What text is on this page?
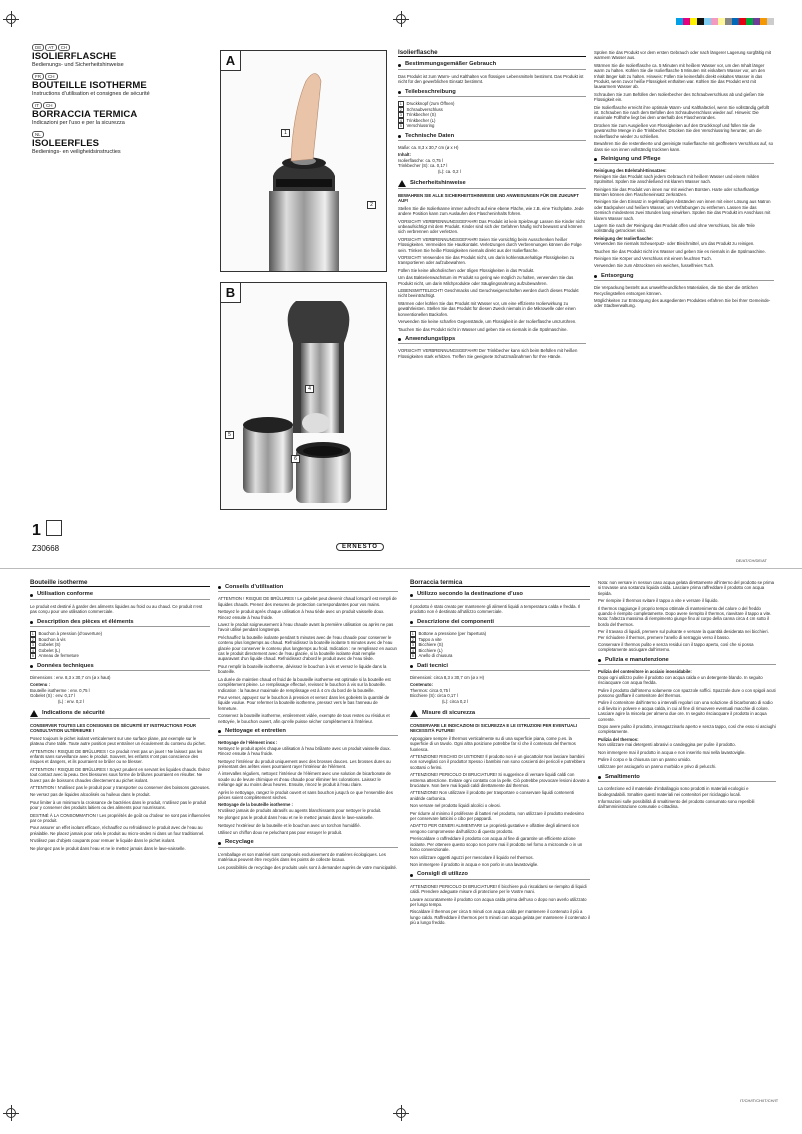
DE AT CH
ISOLIERFLASCHE
Bedienungs- und Sicherheitshinweise
FR CH
BOUTEILLE ISOTHERME
Instructions d’utilisation et consignes de sécurité
IT CH
BORRACCIA TERMICA
Indicazioni per l'uso e per la sicurezza
NL
ISOLEERFLES
Bedienings- en veiligheidsinstructies
A
1
2
B
4
5
6
1
Z30668	ERNESTO
Isolierflasche
Bestimmungsgemäßer Gebrauch

Das Produkt ist zum Warm- und Kalthalten von flüssigen Lebensmitteln bestimmt. Das Produkt ist nicht für den gewerblichen Einsatz bestimmt.

Teilebeschreibung
1	Druckknopf (zum Öffnen)
2	Schraubverschluss
3	Trinkbecher (S)
4	Trinkbecher (L)
5	Verschlussring
Technische Daten

Maße: ca. 8,3 x 30,7 cm (ø x H)

Inhalt:
Isolierflasche: ca. 0,75 l
Trinkbecher (S): ca. 0,17 l
(L): ca. 0,2 l
Sicherheitshinweise

BEWAHREN SIE ALLE SICHERHEITSHINWEISE UND ANWEISUNGEN FÜR DIE ZUKUNFT AUF!

Stellen Sie die Isolierkanne immer aufrecht auf eine ebene Fläche, wie z.B. eine Tischplatte. Jede andere Position kann zum Auslaufen des Flascheninhalts führen.

VORSICHT! VERBRENNUNGSGEFAHR! Das Produkt ist kein Spielzeug! Lassen Sie Kinder nicht unbeaufsichtigt mit dem Produkt. Kinder sind sich der Gefahren häufig nicht bewusst und können sich verbrennen oder verletzen.

VORSICHT! VERBRENNUNGSGEFAHR! Seien Sie vorsichtig beim Ausschenken heißer Flüssigkeiten. Vermeiden Sie Hautkontakt. Verletzungen durch Verbrennungen können die Folge sein. Trinken Sie heiße Flüssigkeiten niemals direkt aus der Isolierflasche.

VORSICHT! Verwenden Sie das Produkt nicht, um darin kohlensäurehaltige Flüssigkeiten zu transportieren oder aufzubewahren.

Füllen Sie keine alkoholischen oder öligen Flüssigkeiten in das Produkt.

Um das Bakterienwachstum im Produkt so gering wie möglich zu halten, verwenden Sie das Produkt nicht, um darin Milchprodukte oder Säuglingsnahrung aufzubewahren.

LEBENSMITTELECHT! Geschmacks und Geruchseigenschaften werden durch dieses Produkt nicht beeinträchtigt.

Wärmen oder kühlen Sie das Produkt mit Wasser vor, um eine effiziente Isolierwirkung zu gewährleisten. Stellen Sie das Produkt für diesen Zweck niemals in die Mikrowelle oder einen konventionellen Backofen.

Verwenden Sie keine scharfen Gegenstände, um Flüssigkeit in der Isolierflasche umzurühren.

Tauchen Sie das Produkt nicht in Wasser und geben Sie es niemals in die Spülmaschine.

Anwendungstipps

VORSICHT! VERBRENNUNGSGEFAHR! Der Trinkbecher kann sich beim Befüllen mit heißen Flüssigkeiten stark erhitzen. Treffen Sie geeignete Schutzmaßnahmen für Ihre Hände.

Spülen Sie das Produkt vor dem ersten Gebrauch oder nach längerer Lagerung sorgfältig mit warmem Wasser aus.

Wärmen Sie die Isolierflasche ca. 5 Minuten mit heißem Wasser vor, um den Inhalt länger warm zu halten. Kühlen Sie die Isolierflasche 5 Minuten mit eiskaltem Wasser vor, um den Inhalt länger kalt zu halten. Hinweis: Füllen Sie keinesfalls direkt eiskaltes Wasser in das Produkt, wenn zuvor heiße Flüssigkeit enthalten war. Kühlen Sie das Produkt erst mit lauwarmem Wasser ab.

Schrauben Sie zum Befüllen den Isolierbecher des Schraubverschluss ab und gießen Sie Flüssigkeit ein.

Die Isolierflasche erreicht ihre optimale Warm- und Kalthalteziel, wenn Sie vollständig gefüllt ist. Schrauben Sie nach dem Befüllen den Schraubverschluss wieder auf. Hinweis: Die maximale Füllhöhe liegt bei dem unterhalb des Flaschenrandes.

Drücken Sie zum Ausgießen von Flüssigkeiten auf den Druckknopf und füllen Sie die gewünschte Menge in die Trinkbecher. Drücken Sie den Verschlussring herunter, um die Isolierflasche wieder zu schließen.

Bewahren Sie die restentleerte und gereinigte Isolierflasche mit geöffnetem Verschluss auf, so dass sie von innen vollständig trocknen kann.

Reinigung und Pflege
Reinigung des Edelstahl-Einsatzes:

Reinigen Sie das Produkt nach jedem Gebrauch mit heißem Wasser und einem milden Spülmittel. Spülen Sie anschließend mit klarem Wasser nach.

Reinigen Sie das Produkt von innen nur mit weichen Bürsten. Harte oder scharfkantige Bürsten können den Flascheneinsatz zerkratzen.

Reinigen Sie den Einsatz in regelmäßigen Abständen von innen mit einer Lösung aus Natron oder Backpulver und heißem Wasser, um Verfärbungen zu entfernen. Lassen Sie das Gemisch mindestens zwei Stunden lang einwirken. Spülen Sie das Produkt im Anschluss mit klarem Wasser nach.

Lagern Sie nach der Reinigung das Produkt offen und ohne Verschluss, bis alle Teile vollständig getrocknet sind.

Reinigung der Isolierflasche:

Verwenden Sie niemals Scheuerputz- oder Bleichmittel, um das Produkt zu reinigen.

Tauchen Sie das Produkt nicht ins Wasser und geben Sie es niemals in die Spülmaschine.

Reinigen Sie Körper und Verschluss mit einem feuchten Tuch.

Verwenden Sie zum Abtrocknen ein weiches, fusselfreies Tuch.

Entsorgung

Die Verpackung besteht aus umweltfreundlichen Materialien, die Sie über die örtlichen Recyclingstellen entsorgen können.

Möglichkeiten zur Entsorgung des ausgedienten Produktes erfahren Sie bei Ihrer Gemeinde- oder Stadtverwaltung.

DE/AT/CH/DE/AT
Bouteille isotherme
Utilisation conforme

Le produit est destiné à garder des aliments liquides au froid ou au chaud. Ce produit n’est pas conçu pour une utilisation commerciale.

Description des pièces et éléments
1	Bouchon à pression (d’ouverture)
2	Bouchon à vis
3	Gobelet (S)
4	Gobelet (L)
5	Anneau de fermeture
Données techniques

Dimensions : env. 8,3 x 30,7 cm (ø x haut)

Contenu :
Bouteille isotherme : env. 0,75 l
Gobelet (S) : env. 0,17 l
(L) : env. 0,2 l
Indications de sécurité

CONSERVER TOUTES LES CONSIGNES DE SÉCURITÉ ET INSTRUCTIONS POUR CONSULTATION ULTÉRIEURE !

Posez toujours le pichet isolant verticalement sur une surface plane, par exemple sur le plateau d’une table. Toute autre position peut entraîner un écoulement du contenu du pichet.

ATTENTION ! RISQUE DE BRÛLURES ! Ce produit n’est pas un jouet ! Ne laissez pas les enfants sans surveillance avec le produit. Souvent, les enfants n’ont pas conscience des risques et dangers, et ils pourraient se brûler ou se blesser.

ATTENTION ! RISQUE DE BRÛLURES ! Soyez prudent en servant les liquides chauds. Évitez tout contact avec la peau. Des blessures sous forme de brûlures pourraient en résulter. Ne buvez pas de boissons chaudes directement au pichet isolant.

ATTENTION ! N’utilisez pas le produit pour y transporter ou conserver des boissons gazeuses.

Ne versez pas de liquides alcoolisés ou huileux dans le produit.

Pour limiter à un minimum la croissance de bactéries dans le produit, n’utilisez pas le produit pour y conserver des produits laitiers ou des aliments pour nourrissons.

DESTINÉ À LA CONSOMMATION ! Les propriétés de goût ou d’odeur ne sont pas influencées par ce produit.

Pour assurer un effet isolant efficace, réchauffez ou refroidissez le produit avec de l’eau au préalable. Ne placez jamais pour cela le produit au micro-ondes ni dans un four traditionnel.

N’utilisez pas d’objets coupants pour remuer le liquide dans le pichet isolant.

Ne plongez pas le produit dans l’eau et ne le mettez jamais dans le lave-vaisselle.

Conseils d’utilisation

ATTENTION ! RISQUE DE BRÛLURES ! Le gobelet peut devenir chaud lorsqu’il est rempli de liquides chauds. Prenez des mesures de protection correspondantes pour vos mains.

Nettoyez le produit après chaque utilisation à l’eau tiède avec un produit vaisselle doux. Rincez ensuite à l’eau froide.

Lavez le produit soigneusement à l’eau chaude avant la première utilisation ou après ne pas l’avoir utilisé pendant longtemps.

Préchauffez la bouteille isolante pendant 5 minutes avec de l’eau chaude pour conserver le contenu plus longtemps au chaud. Refroidissez la bouteille isolante 5 minutes avec de l’eau glacée pour conserver le contenu plus longtemps au froid. Indication : ne remplissez en aucun cas le produit directement avec de l’eau glacée, si la bouteille isolante était remplie auparavant d’un liquide chaud. Refroidissez d’abord le produit avec de l’eau tiède.

Pour remplir la bouteille isotherme, dévissez le bouchon à vis et versez le liquide dans la bouteille.

La durée de maintien chaud et froid de la bouteille isotherme est optimale si la bouteille est complètement pleine. Le remplissage effectué, revissez le bouchon à vis sur la bouteille. Indication : la hauteur maximale de remplissage est à 4 cm du bord de la bouteille.

Pour verser, appuyez sur le bouchon à pression et versez dans les gobelets la quantité de liquide voulue. Pour refermer la bouteille isotherme, pressez vers le bas l’anneau de fermeture.

Conservez la bouteille isotherme, entièrement vidée, exempte de tous restes ou résidus et nettoyée, le bouchon ouvert, afin qu’elle puisse sécher complètement à l’intérieur.

Nettoyage et entretien
Nettoyage de l’élément inox :

Nettoyez le produit après chaque utilisation à l’eau brûlante avec un produit vaisselle doux. Rincez ensuite à l’eau froide.

Nettoyez l’intérieur du produit uniquement avec des brosses douces. Les brosses dures ou présentant des arêtes vives pourraient rayer l’intérieur de l’élément.

À intervalles réguliers, nettoyez l’intérieur de l’élément avec une solution de bicarbonate de soude ou de levure chimique et d’eau chaude pour éliminer les colorations. Laissez le mélange agir au moins deux heures. Ensuite, rincez le produit à l’eau claire.

Après le nettoyage, rangez le produit ouvert et sans bouchon jusqu’à ce que l’ensemble des pièces soient complètement sèches.

Nettoyage de la bouteille isotherme :

N’utilisez jamais de produits abrasifs ou agents blanchissants pour nettoyer le produit.

Ne plongez pas le produit dans l’eau et ne le mettez jamais dans le lave-vaisselle.

Nettoyez l’extérieur de la bouteille et le bouchon avec un torchon humidifié.

Utilisez un chiffon doux ne peluchant pas pour essuyer le produit.

Recyclage

L’emballage et son matériel sont composés exclusivement de matières écologiques. Les matériaux peuvent être recyclés dans les points de collecte locaux.

Les possibilités de recyclage des produits usés sont à demander auprès de votre municipalité.

Borraccia termica
Utilizzo secondo la destinazione d’uso

Il prodotto è stato creato per mantenere gli alimenti liquidi a temperatura calda e fredda. Il prodotto non è destinato all’utilizzo commerciale.

Descrizione dei componenti
1	Bottone a pressione (per l’apertura)
2	Tappo a vite
3	Bicchiere (S)
4	Bicchiere (L)
5	Anello di chiusura
Dati tecnici

Dimensioni: circa 8,3 x 30,7 cm (ø x H)

Contenuto:
Thermos: circa 0,75 l
Bicchiere (S): circa 0,17 l
(L): circa 0,2 l
Misure di sicurezza

CONSERVARE LE INDICAZIONI DI SICUREZZA E LE ISTRUZIONI PER EVENTUALI NECESSITÀ FUTURE!

Appoggiare sempre il thermos verticalmente su di una superficie piana, come p.es. la superficie di un tavolo. Ogni altra posizione potrebbe far sì che il contenuto del thermos fuoriesca.

ATTENZIONE! RISCHIO DI USTIONE! Il prodotto non è un giocattolo! Non lasciare bambini non sorvegliati con il prodotto! Spesso i bambini non sono coscienti dei pericoli e potrebbero scottarsi o ferirsi.

ATTENZIONE! PERICOLO DI BRUCIATURE! Si suggerisce di versare liquidi caldi con estrema attenzione. Evitare ogni contatto con la pelle. Ciò potrebbe provocare lesioni dovute a bruciature. Non bere mai liquidi caldi direttamente dal thermos.

ATTENZIONE! Non utilizzare il prodotto per trasportare o conservare liquidi contenenti anidride carbonica.

Non versare nel prodotto liquidi alcolici o oleosi.

Per ridurre al minimo il proliferare di batteri nel prodotto, non utilizzare il prodotto medesimo per conservare latticini o cibo per pappardi.

ADATTO PER GENERI ALIMENTARI! Le proprietà gustative e olfattive degli alimenti non vengono compromesse dall’utilizzo di questo prodotto.

Preriscaldare o raffreddare il prodotto con acqua al fine di garantire un efficiente azione isolante. Per ottenere questo scopo non porre mai il prodotto nel forno a microonde o in un forno convenzionale.

Non utilizzare oggetti aguzzi per mescolare il liquido nel thermos.

Non immergere il prodotto in acqua e non porlo in una lavastoviglie.

Consigli di utilizzo

ATTENZIONE! PERICOLO DI BRUCIATURE! Il bicchiere può riscaldarsi se riempito di liquidi caldi. Prendere adeguate misure di protezione per le Vostre mani.

Lavare accuratamente il prodotto con acqua calda prima dell’uso o dopo non averlo utilizzato per lungo tempo.

Riscaldare il thermos per circa 5 minuti con acqua calda per mantenere il contenuto il più a lungo caldo. Raffreddare il thermos per 5 minuti con acqua gelata per mantenere il contenuto il più a lungo freddo.

Nota: non versare in nessun caso acqua gelata direttamente all’interno del prodotto se prima si trovasse una sostanza liquida calda. Lasciare prima raffreddare il prodotto con acqua tiepida.

Per riempire il thermos svitare il tappo a vite e versare il liquido.

Il thermos raggiunge il proprio tempo ottimale di mantenimento del calore o del freddo quando è riempito completamente. Dopo avere riempito il thermos, riavvitare il tappo a vite. Nota: l’altezza massima di riempimento giunge fino al corpo della canna circa 4 cm sotto il bordo del thermos.

Per il travaso di liquidi, premere sul pulsante e versare la quantità desiderata nei bicchieri. Per richiudere il thermos, premere l’anello di serraggio verso il basso.

Conservare il thermos pulito e senza residui con il tappo aperto, così che si possa completamente asciugare dall’interno.

Pulizia e manutenzione
Pulizia del contenitore in acciaio inossidabile:

Dopo ogni utilizzo pulire il prodotto con acqua calda e un detergente blando. In seguito risciacquare con acqua fredda.

Pulire il prodotto dall’interno solamente con spazzole soffici. Spazzole dure o con spigoli acuti possono graffiare il contenitore del thermos.

Pulire il contenitore dall’interno a intervalli regolari con una soluzione di bicarbonato di sodio o di lievito in polvere e acqua calda, in cui al fine di rimuovere eventuali macchie di colore. Lasciare agire la miscela per almeno due ore. In seguito risciacquare il prodotto in acqua corrente.

Dopo avere pulito il prodotto, immagazzinarlo aperto e senza tappo, così che esso si asciughi completamente.

Pulizia del thermos:

Non utilizzare mai detergenti abrasivi o candeggina per pulire il prodotto.

Non immergere mai il prodotto in acqua e non inserirlo mai nella lavastoviglie.

Pulire il corpo e la chiusura con un panno umido.

Utilizzare per asciugarlo un panno morbido e privo di pelucchi.

Smaltimento

La confezione ed il materiale d’imballaggio sono prodotti in materiali ecologici e biodegradabili. Smaltire questi materiali nei contenitori per riciclaggio locali.

Informazioni sulle possibilità di smaltimento del prodotto consumato sono reperibili dall’amministrazione comunale o cittadina.

IT/CH/IT/CH/IT/CH/IT
